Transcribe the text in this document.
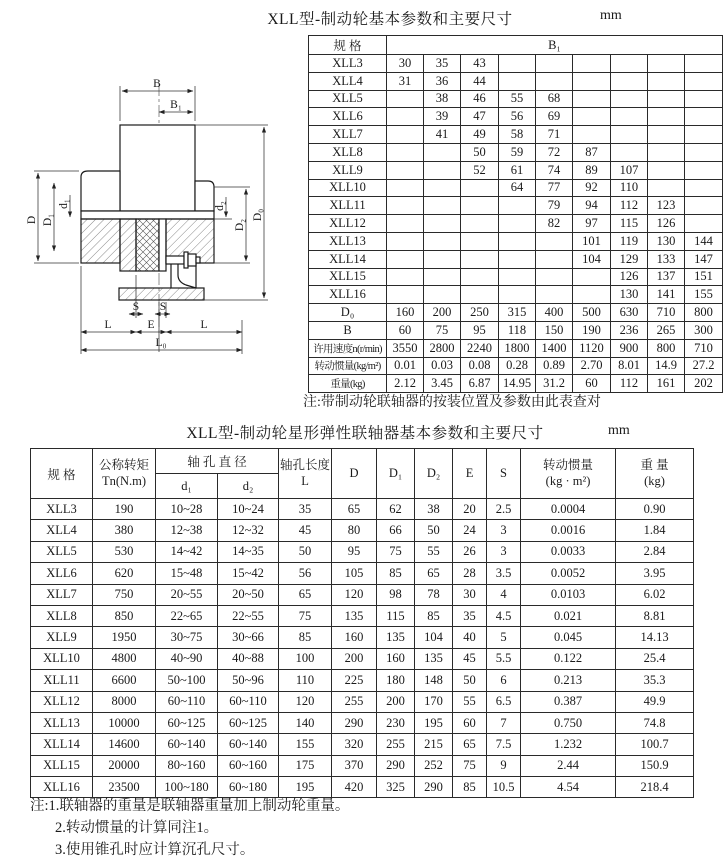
XLL型-制动轮基本参数和主要尺寸	mm
B
B₁
D D₁
d₁	d₂
D₂
D₀
S S
L	E	L
L₀
规 格	B₁								
XLL3	30	35	43						
XLL4	31	36	44						
XLL5		38	46	55	68				
XLL6		39	47	56	69				
XLL7		41	49	58	71				
XLL8			50	59	72	87			
XLL9			52	61	74	89	107		
XLL10				64	77	92	110		
XLL11					79	94	112	123	
XLL12					82	97	115	126	
XLL13						101	119	130	144
XLL14						104	129	133	147
XLL15							126	137	151
XLL16							130	141	155
D₀	160	200	250	315	400	500	630	710	800
B	60	75	95	118	150	190	236	265	300
许用速度n(r/min)	3550	2800	2240	1800	1400	1120	900	800	710
转动惯量(kg/m²)	0.01	0.03	0.08	0.28	0.89	2.70	8.01	14.9	27.2
重量(kg)	2.12	3.45	6.87	14.95	31.2	60	112	161	202
注:带制动轮联轴器的按装位置及参数由此表查对
XLL型-制动轮星形弹性联轴器基本参数和主要尺寸	mm
规 格	
公称转矩
Tn(N.m)
	轴 孔 直 径	轴孔长度
L
	D	D₁	D₂	E	S	
转动惯量
(kg · m²)

重 量
(kg)

		d₁	d₂								
XLL3	190	10~28	10~24	35	65	62	38	20	2.5	0.0004	0.90
XLL4	380	12~38	12~32	45	80	66	50	24	3	0.0016	1.84
XLL5	530	14~42	14~35	50	95	75	55	26	3	0.0033	2.84
XLL6	620	15~48	15~42	56	105	85	65	28	3.5	0.0052	3.95
XLL7	750	20~55	20~50	65	120	98	78	30	4	0.0103	6.02
XLL8	850	22~65	22~55	75	135	115	85	35	4.5	0.021	8.81
XLL9	1950	30~75	30~66	85	160	135	104	40	5	0.045	14.13
XLL10	4800	40~90	40~88	100	200	160	135	45	5.5	0.122	25.4
XLL11	6600	50~100	50~96	110	225	180	148	50	6	0.213	35.3
XLL12	8000	60~110	60~110	120	255	200	170	55	6.5	0.387	49.9
XLL13	10000	60~125	60~125	140	290	230	195	60	7	0.750	74.8
XLL14	14600	60~140	60~140	155	320	255	215	65	7.5	1.232	100.7
XLL15	20000	80~160	60~160	175	370	290	252	75	9	2.44	150.9
XLL16	23500	100~180	60~180	195	420	325	290	85	10.5	4.54	218.4
注:1.联轴器的重量是联轴器重量加上制动轮重量。
2.转动惯量的计算同注1。
3.使用锥孔时应计算沉孔尺寸。
